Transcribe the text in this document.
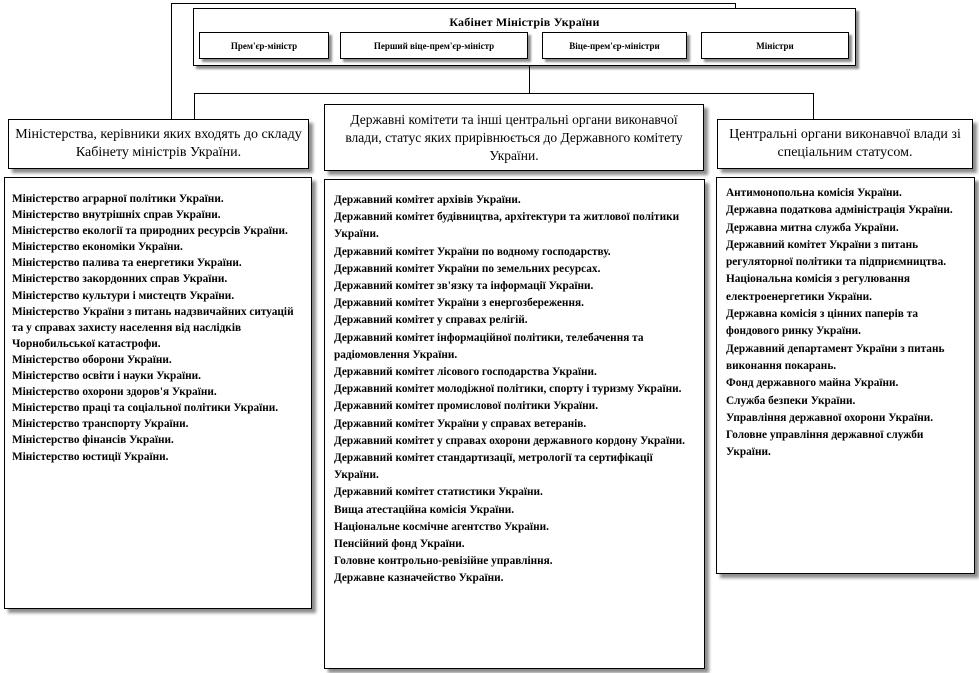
Кабінет Міністрів України
Прем'єр-міністр	Перший віце-прем'єр-міністр	Віце-прем'єр-міністри	Міністри
Міністерства, керівники яких входять до складу Кабінету міністрів України.
Міністерство аграрної політики України.
Міністерство внутрішніх справ України.
Міністерство екології та природних ресурсів України.
Міністерство економіки України.
Міністерство палива та енергетики України.
Міністерство закордонних справ України.
Міністерство культури і мистецтв України.
Міністерство України з питань надзвичайних ситуацій та у справах захисту населення від наслідків Чорнобильської катастрофи.
Міністерство оборони України.
Міністерство освіти і науки України.
Міністерство охорони здоров'я України.
Міністерство праці та соціальної політики України.
Міністерство транспорту України.
Міністерство фінансів України.
Міністерство юстиції України.
Державні комітети та інші центральні органи виконавчої влади, статус яких прирівнюється до Державного комітету України.
Державний комітет архівів України.
Державний комітет будівництва, архітектури та житлової політики України.
Державний комітет України по водному господарству.
Державний комітет України по земельних ресурсах.
Державний комітет зв'язку та інформації України.
Державний комітет України з енергозбереження.
Державний комітет у справах релігій.
Державний комітет інформаційної політики, телебачення та радіомовлення України.
Державний комітет лісового господарства України.
Державний комітет молодіжної політики, спорту і туризму України.
Державний комітет промислової політики України.
Державний комітет України у справах ветеранів.
Державний комітет у справах охорони державного кордону України.
Державний комітет стандартизації, метрології та сертифікації України.
Державний комітет статистики України.
Вища атестаційна комісія України.
Національне космічне агентство України.
Пенсійний фонд України.
Головне контрольно-ревізійне управління.
Державне казначейство України.
Центральні органи виконавчої влади зі спеціальним статусом.
Антимонопольна комісія України.
Державна податкова адміністрація України.
Державна митна служба України.
Державний комітет України з питань регуляторної політики та підприємництва.
Національна комісія з регулювання електроенергетики України.
Державна комісія з цінних паперів та фондового ринку України.
Державний департамент України з питань виконання покарань.
Фонд державного майна України.
Служба безпеки України.
Управління державної охорони України.
Головне управління державної служби України.
